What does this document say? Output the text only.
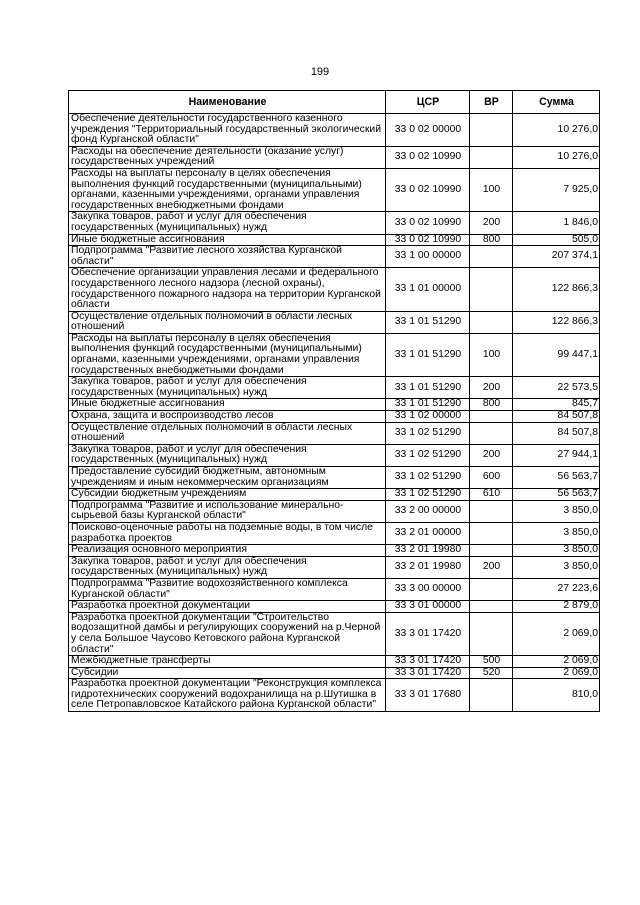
199
Наименование	ЦСР	ВР	Сумма
Обеспечение деятельности государственного казенного учреждения "Территориальный государственный экологический фонд Курганской области"	33 0 02 00000		10 276,0
Расходы на обеспечение деятельности (оказание услуг) государственных учреждений	33 0 02 10990		10 276,0
Расходы на выплаты персоналу в целях обеспечения выполнения функций государственными (муниципальными) органами, казенными учреждениями, органами управления государственных внебюджетными фондами	33 0 02 10990	100	7 925,0
Закупка товаров, работ и услуг для обеспечения государственных (муниципальных) нужд	33 0 02 10990	200	1 846,0
Иные бюджетные ассигнования	33 0 02 10990	800	505,0
Подпрограмма "Развитие лесного хозяйства Курганской области"	33 1 00 00000		207 374,1
Обеспечение организации управления лесами и федерального государственного лесного надзора (лесной охраны), государственного пожарного надзора на территории Курганской области	33 1 01 00000		122 866,3
Осуществление отдельных полномочий в области лесных отношений	33 1 01 51290		122 866,3
Расходы на выплаты персоналу в целях обеспечения выполнения функций государственными (муниципальными) органами, казенными учреждениями, органами управления государственных внебюджетными фондами	33 1 01 51290	100	99 447,1
Закупка товаров, работ и услуг для обеспечения государственных (муниципальных) нужд	33 1 01 51290	200	22 573,5
Иные бюджетные ассигнования	33 1 01 51290	800	845,7
Охрана, защита и воспроизводство лесов	33 1 02 00000		84 507,8
Осуществление отдельных полномочий в области лесных отношений	33 1 02 51290		84 507,8
Закупка товаров, работ и услуг для обеспечения государственных (муниципальных) нужд	33 1 02 51290	200	27 944,1
Предоставление субсидий бюджетным, автономным учреждениям и иным некоммерческим организациям	33 1 02 51290	600	56 563,7
Субсидии бюджетным учреждениям	33 1 02 51290	610	56 563,7
Подпрограмма "Развитие и использование минерально-сырьевой базы Курганской области"	33 2 00 00000		3 850,0
Поисково-оценочные работы на подземные воды, в том числе разработка проектов	33 2 01 00000		3 850,0
Реализация основного мероприятия	33 2 01 19980		3 850,0
Закупка товаров, работ и услуг для обеспечения государственных (муниципальных) нужд	33 2 01 19980	200	3 850,0
Подпрограмма "Развитие водохозяйственного комплекса Курганской области"	33 3 00 00000		27 223,6
Разработка проектной документации	33 3 01 00000		2 879,0
Разработка проектной документации "Строительство водозащитной дамбы и регулирующих сооружений на р.Черной у села Большое Чаусово Кетовского района Курганской области"	33 3 01 17420		2 069,0
Межбюджетные трансферты	33 3 01 17420	500	2 069,0
Субсидии	33 3 01 17420	520	2 069,0
Разработка проектной документации "Реконструкция комплекса гидротехнических сооружений водохранилища на р.Шутишка в селе Петропавловское Катайского района Курганской области"	33 3 01 17680		810,0
